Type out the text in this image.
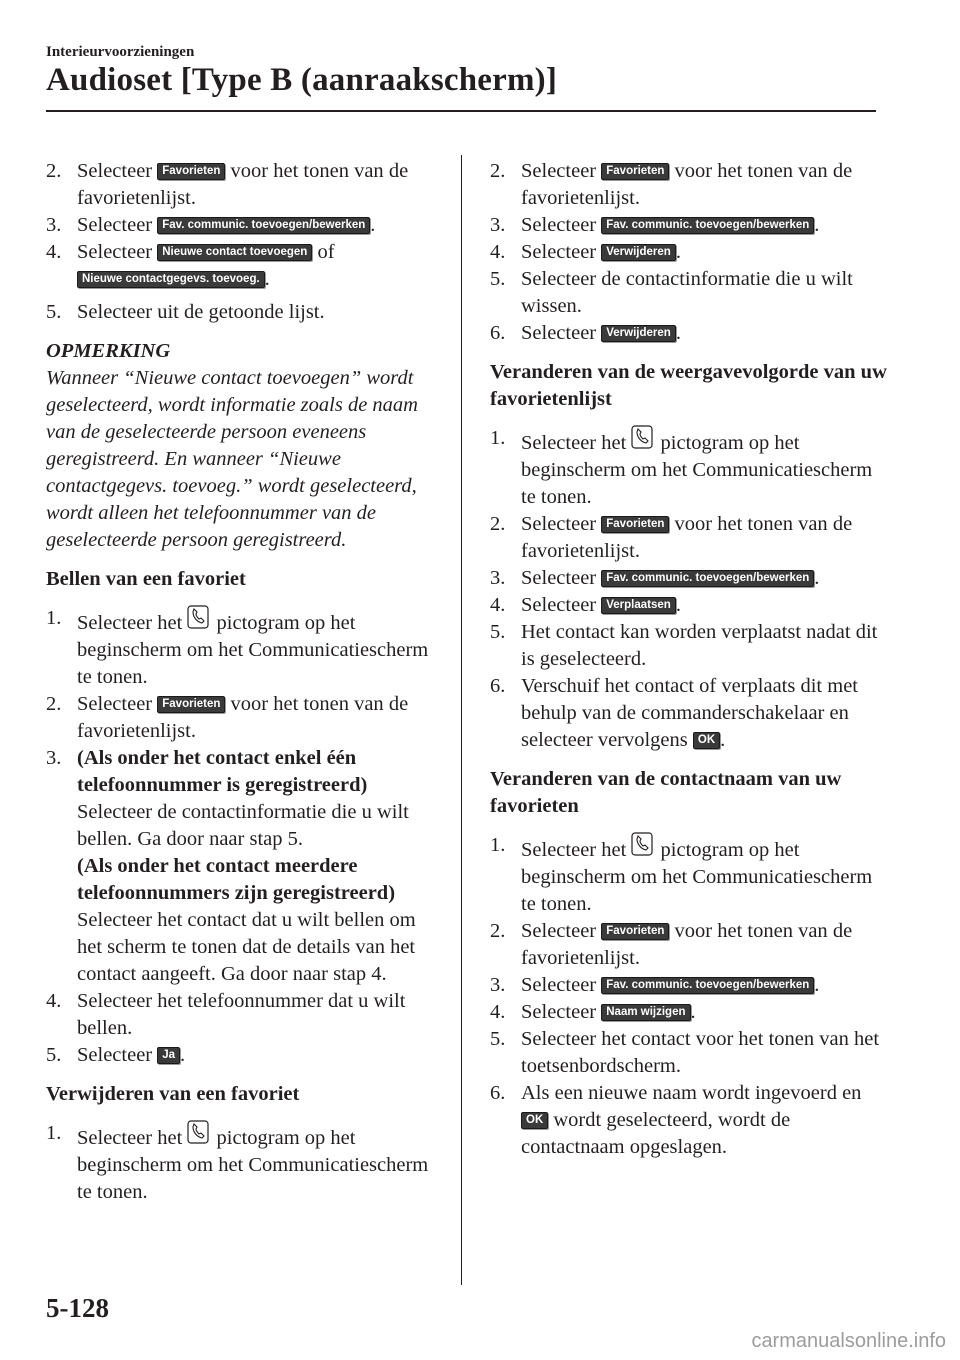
Interieurvoorzieningen
Audioset [Type B (aanraakscherm)]
2. Selecteer Favorieten voor het tonen van de favorietenlijst.
3. Selecteer Fav. communic. toevoegen/bewerken .
4. Selecteer Nieuwe contact toevoegen of Nieuwe contactgegevs. toevoeg. .
5. Selecteer uit de getoonde lijst.
OPMERKING
Wanneer “Nieuwe contact toevoegen” wordt geselecteerd, wordt informatie zoals de naam van de geselecteerde persoon eveneens geregistreerd. En wanneer “Nieuwe contactgegevs. toevoeg.” wordt geselecteerd, wordt alleen het telefoonnummer van de geselecteerde persoon geregistreerd.
Bellen van een favoriet
1. Selecteer het pictogram op het beginscherm om het Communicatiescherm te tonen.
2. Selecteer Favorieten voor het tonen van de favorietenlijst.
3. (Als onder het contact enkel één telefoonnummer is geregistreerd)
Selecteer de contactinformatie die u wilt bellen. Ga door naar stap 5.
(Als onder het contact meerdere telefoonnummers zijn geregistreerd)
Selecteer het contact dat u wilt bellen om het scherm te tonen dat de details van het contact aangeeft. Ga door naar stap 4.
4. Selecteer het telefoonnummer dat u wilt bellen.
5. Selecteer Ja .
Verwijderen van een favoriet
1. Selecteer het pictogram op het beginscherm om het Communicatiescherm te tonen.
2. Selecteer Favorieten voor het tonen van de favorietenlijst.
3. Selecteer Fav. communic. toevoegen/bewerken .
4. Selecteer Verwijderen .
5. Selecteer de contactinformatie die u wilt wissen.
6. Selecteer Verwijderen .
Veranderen van de weergavevolgorde van uw favorietenlijst
1. Selecteer het pictogram op het beginscherm om het Communicatiescherm te tonen.
2. Selecteer Favorieten voor het tonen van de favorietenlijst.
3. Selecteer Fav. communic. toevoegen/bewerken .
4. Selecteer Verplaatsen .
5. Het contact kan worden verplaatst nadat dit is geselecteerd.
6. Verschuif het contact of verplaats dit met behulp van de commanderschakelaar en selecteer vervolgens OK .
Veranderen van de contactnaam van uw favorieten
1. Selecteer het pictogram op het beginscherm om het Communicatiescherm te tonen.
2. Selecteer Favorieten voor het tonen van de favorietenlijst.
3. Selecteer Fav. communic. toevoegen/bewerken .
4. Selecteer Naam wijzigen .
5. Selecteer het contact voor het tonen van het toetsenbordscherm.
6. Als een nieuwe naam wordt ingevoerd en OK wordt geselecteerd, wordt de contactnaam opgeslagen.
5-128
carmanualsonline.info
